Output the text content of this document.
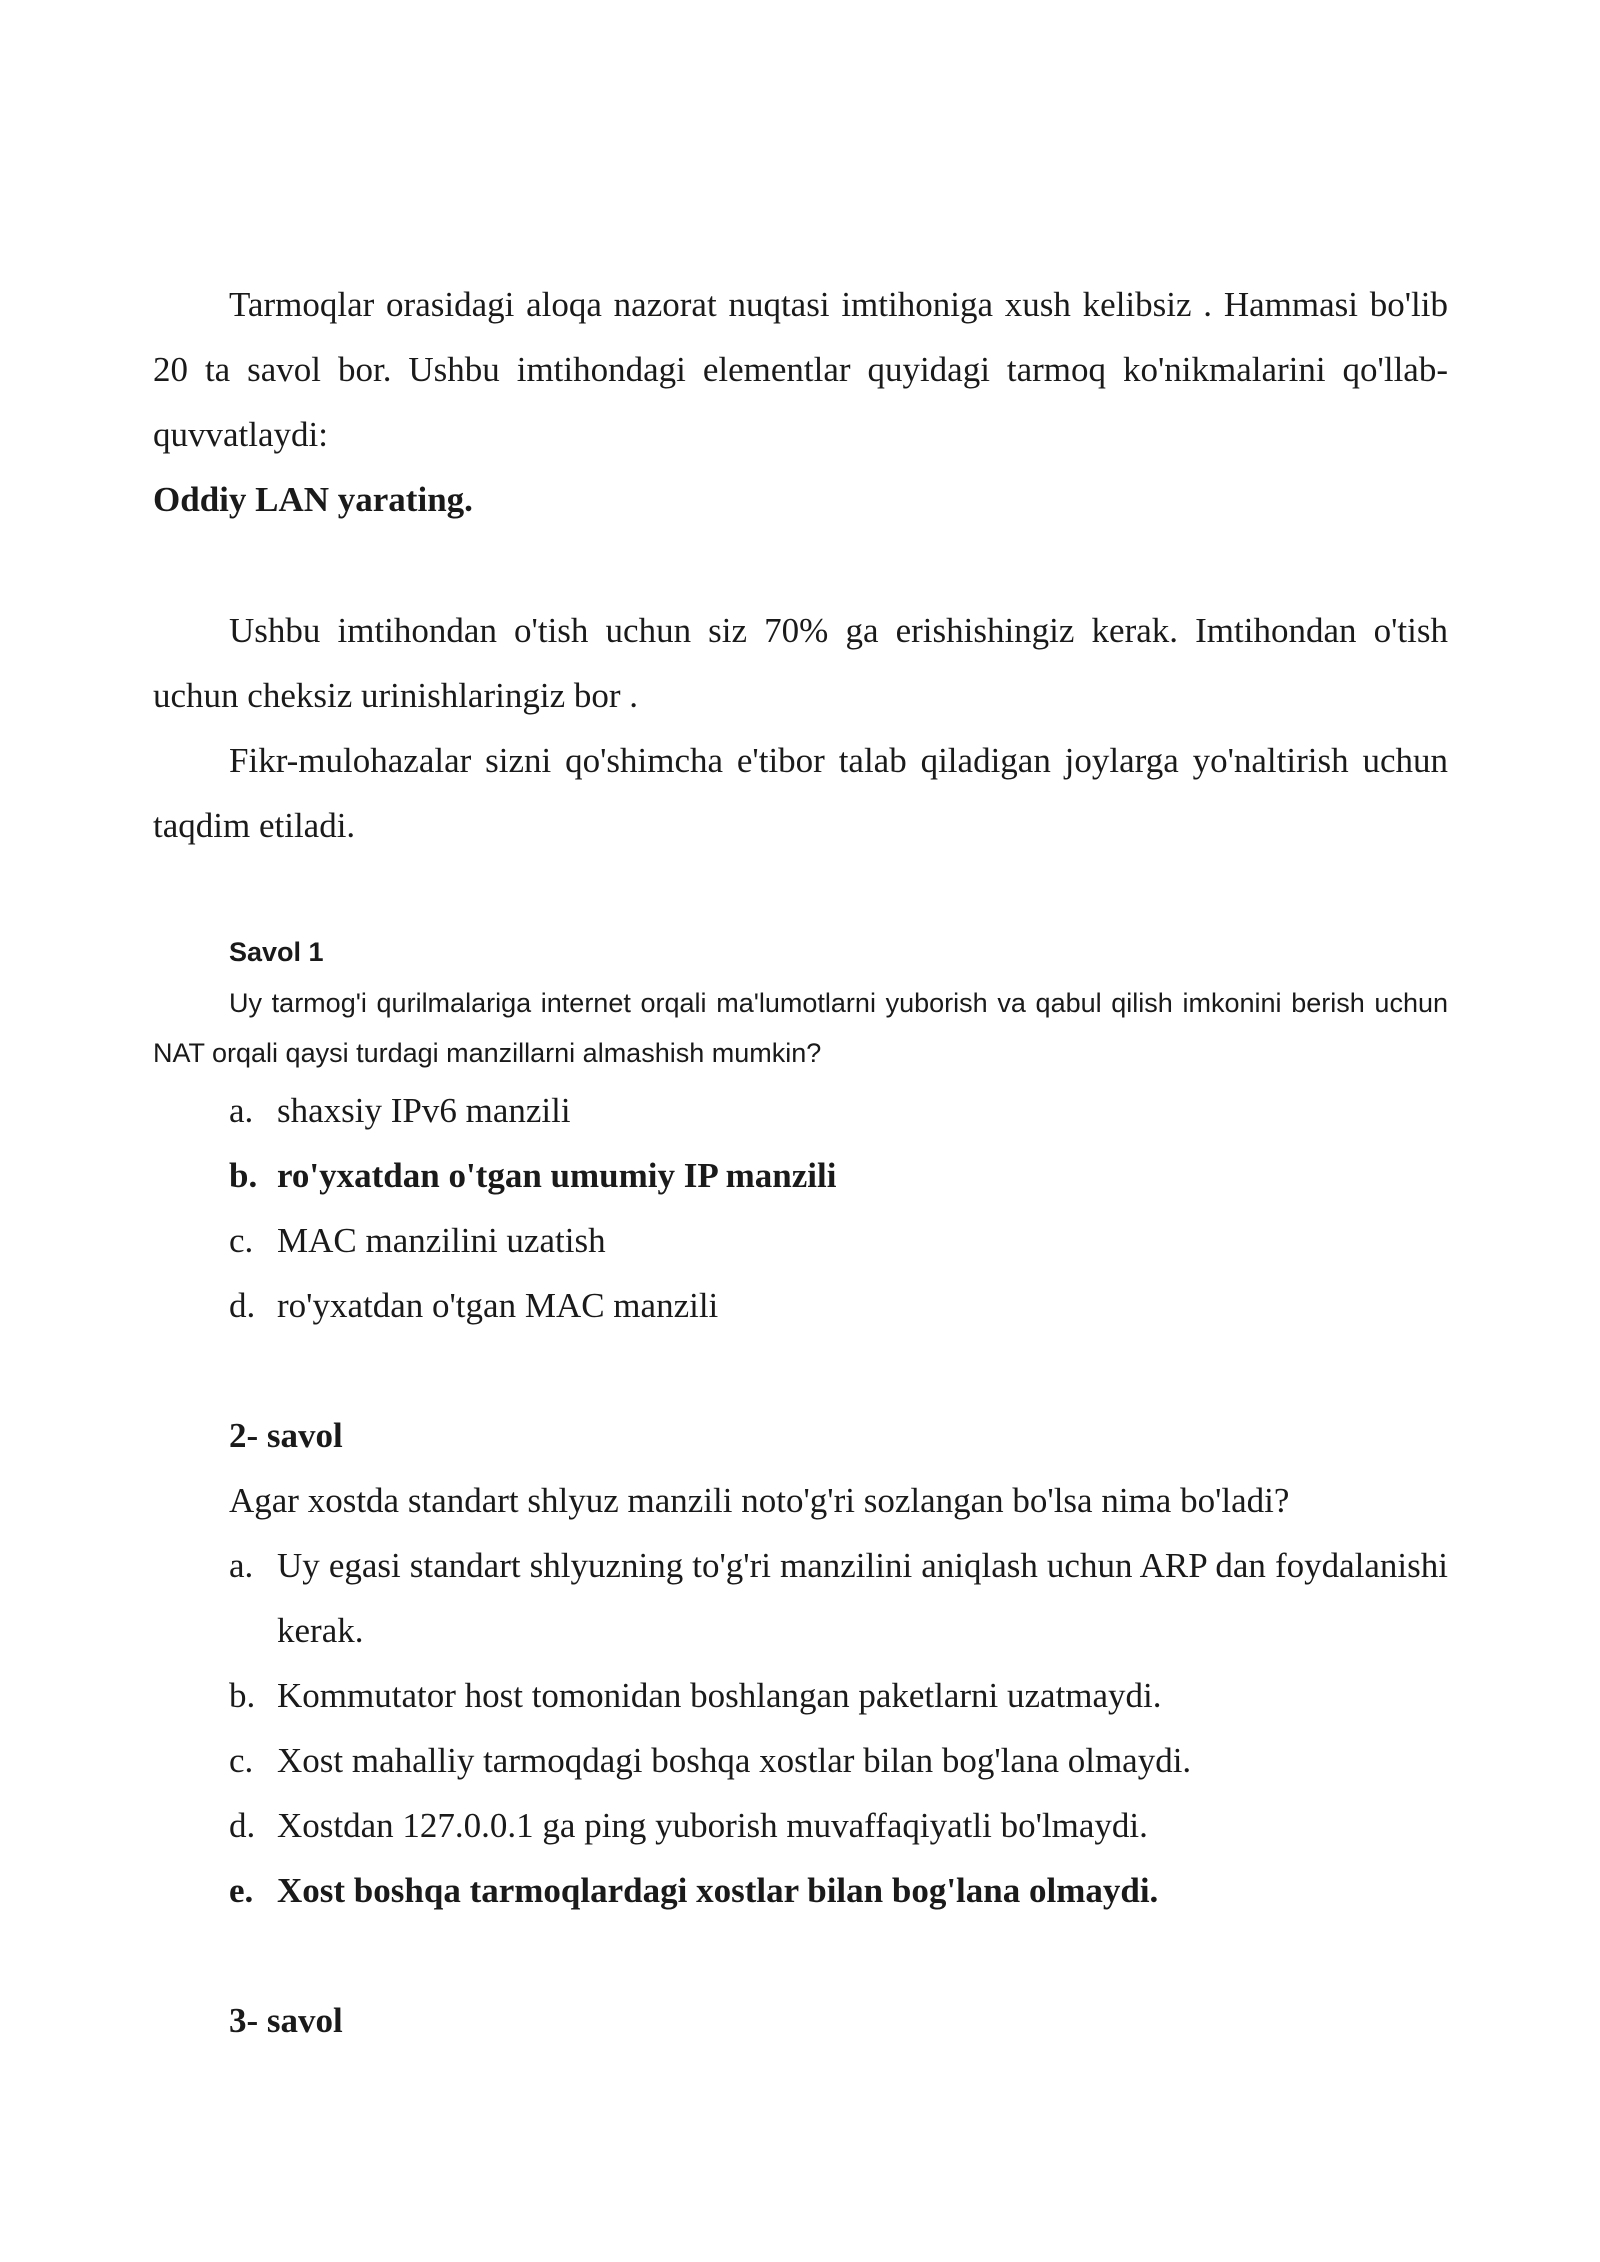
Tarmoqlar orasidagi aloqa nazorat nuqtasi imtihoniga xush kelibsiz . Hammasi bo'lib 20 ta savol bor. Ushbu imtihondagi elementlar quyidagi tarmoq ko'nikmalarini qo'llab-quvvatlaydi:
Oddiy LAN yarating.
Ushbu imtihondan o'tish uchun siz 70% ga erishishingiz kerak. Imtihondan o'tish uchun cheksiz urinishlaringiz bor .
Fikr-mulohazalar sizni qo'shimcha e'tibor talab qiladigan joylarga yo'naltirish uchun taqdim etiladi.
Savol 1
Uy tarmog'i qurilmalariga internet orqali ma'lumotlarni yuborish va qabul qilish imkonini berish uchun NAT orqali qaysi turdagi manzillarni almashish mumkin?
a. shaxsiy IPv6 manzili
b. ro'yxatdan o'tgan umumiy IP manzili
c. MAC manzilini uzatish
d. ro'yxatdan o'tgan MAC manzili
2- savol
Agar xostda standart shlyuz manzili noto'g'ri sozlangan bo'lsa nima bo'ladi?
a. Uy egasi standart shlyuzning to'g'ri manzilini aniqlash uchun ARP dan foydalanishi kerak.
b. Kommutator host tomonidan boshlangan paketlarni uzatmaydi.
c. Xost mahalliy tarmoqdagi boshqa xostlar bilan bog'lana olmaydi.
d. Xostdan 127.0.0.1 ga ping yuborish muvaffaqiyatli bo'lmaydi.
e. Xost boshqa tarmoqlardagi xostlar bilan bog'lana olmaydi.
3- savol
